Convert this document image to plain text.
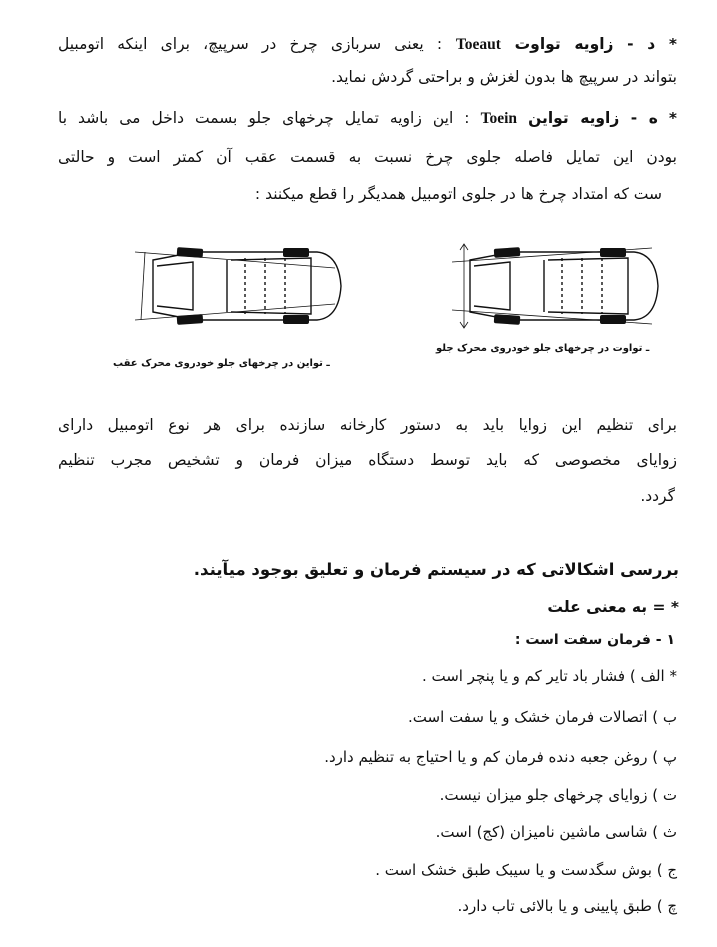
* د - زاویه تواوت Toeaut : یعنی سربازی چرخ در سرپیچ، برای اینکه اتومبیل
بتواند در سرپیچ ها بدون لغزش و براحتی گردش نماید.
* ه - زاویه تواین Toein : این زاویه تمایل چرخهای جلو بسمت داخل می باشد با
بودن این تمایل فاصله جلوی چرخ نسبت به قسمت عقب آن کمتر است و حالتی
ست که امتداد چرخ ها در جلوی اتومبیل همدیگر را قطع میکنند :
ـ تواین در چرخهای جلو خودروی محرک عقب
ـ تواوت در چرخهای جلو خودروی محرک جلو
برای تنظیم این زوایا باید به دستور کارخانه سازنده برای هر نوع اتومبیل دارای
زوایای مخصوصی که باید توسط دستگاه میزان فرمان و تشخیص مجرب تنظیم
گردد.
بررسی اشکالاتی که در سیستم فرمان و تعلیق بوجود میآیند.
* = به معنی علت
۱ - فرمان سفت است :
* الف ) فشار باد تایر کم و یا پنچر است .
ب ) اتصالات فرمان خشک و یا سفت است.
پ ) روغن جعبه دنده فرمان کم و یا احتیاج به تنظیم دارد.
ت ) زوایای چرخهای جلو میزان نیست.
ث ) شاسی ماشین نامیزان (کج) است.
ج ) بوش سگدست و یا سیبک طبق خشک است .
چ ) طبق پایینی و یا بالائی تاب دارد.
